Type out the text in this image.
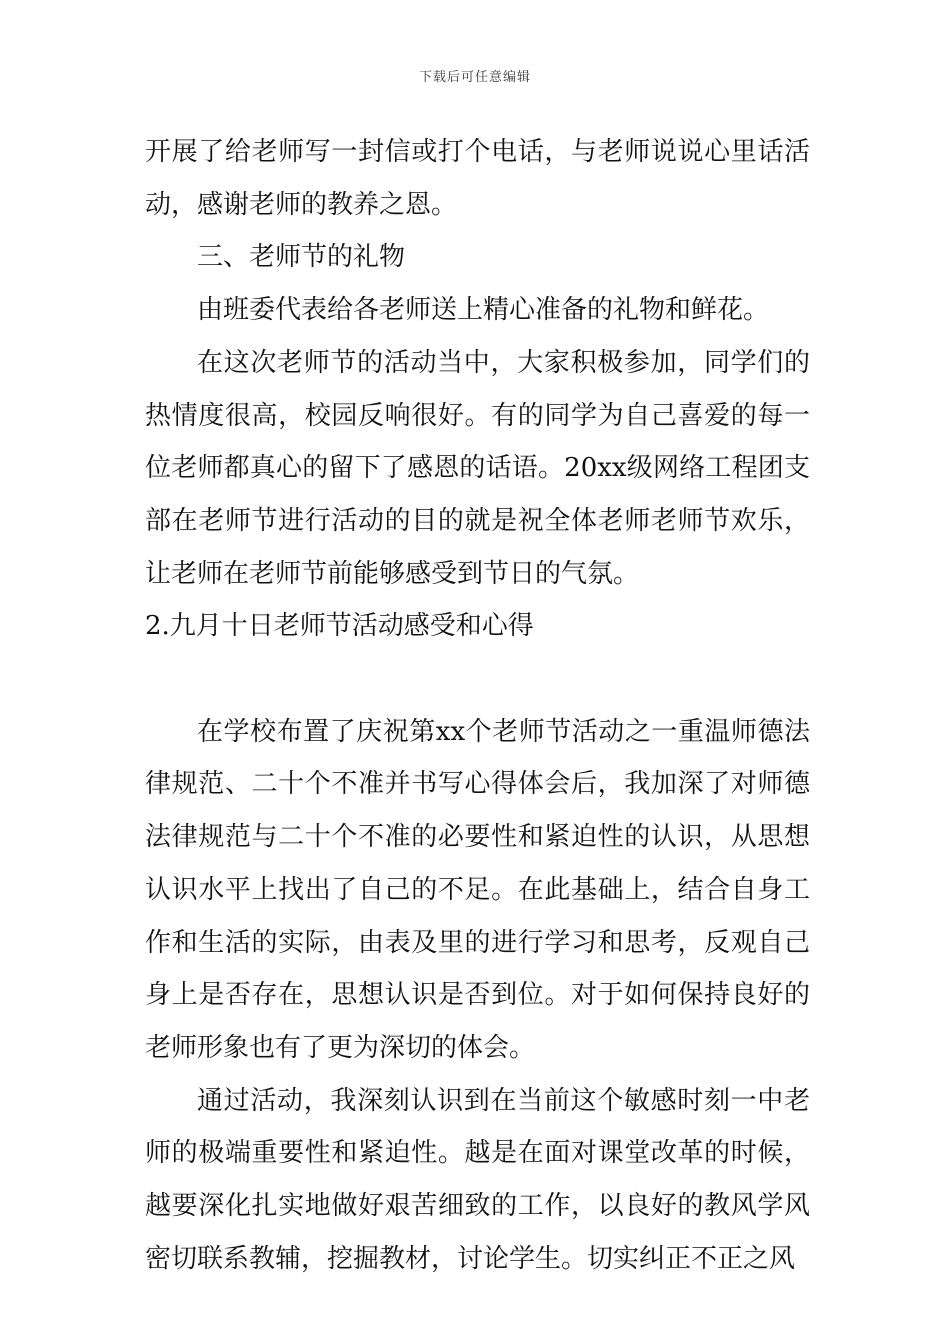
下载后可任意编辑

开展了给老师写一封信或打个电话，与老师说说心里话活动，感谢老师的教养之恩。

三、老师节的礼物

由班委代表给各老师送上精心准备的礼物和鲜花。

在这次老师节的活动当中，大家积极参加，同学们的热情度很高，校园反响很好。有的同学为自己喜爱的每一位老师都真心的留下了感恩的话语。20xx级网络工程团支部在老师节进行活动的目的就是祝全体老师老师节欢乐，让老师在老师节前能够感受到节日的气氛。

2.九月十日老师节活动感受和心得

在学校布置了庆祝第xx个老师节活动之一重温师德法律规范、二十个不准并书写心得体会后，我加深了对师德法律规范与二十个不准的必要性和紧迫性的认识，从思想认识水平上找出了自己的不足。在此基础上，结合自身工作和生活的实际，由表及里的进行学习和思考，反观自己身上是否存在，思想认识是否到位。对于如何保持良好的老师形象也有了更为深切的体会。

通过活动，我深刻认识到在当前这个敏感时刻一中老师的极端重要性和紧迫性。越是在面对课堂改革的时候，越要深化扎实地做好艰苦细致的工作，以良好的教风学风密切联系教辅，挖掘教材，讨论学生。切实纠正不正之风
